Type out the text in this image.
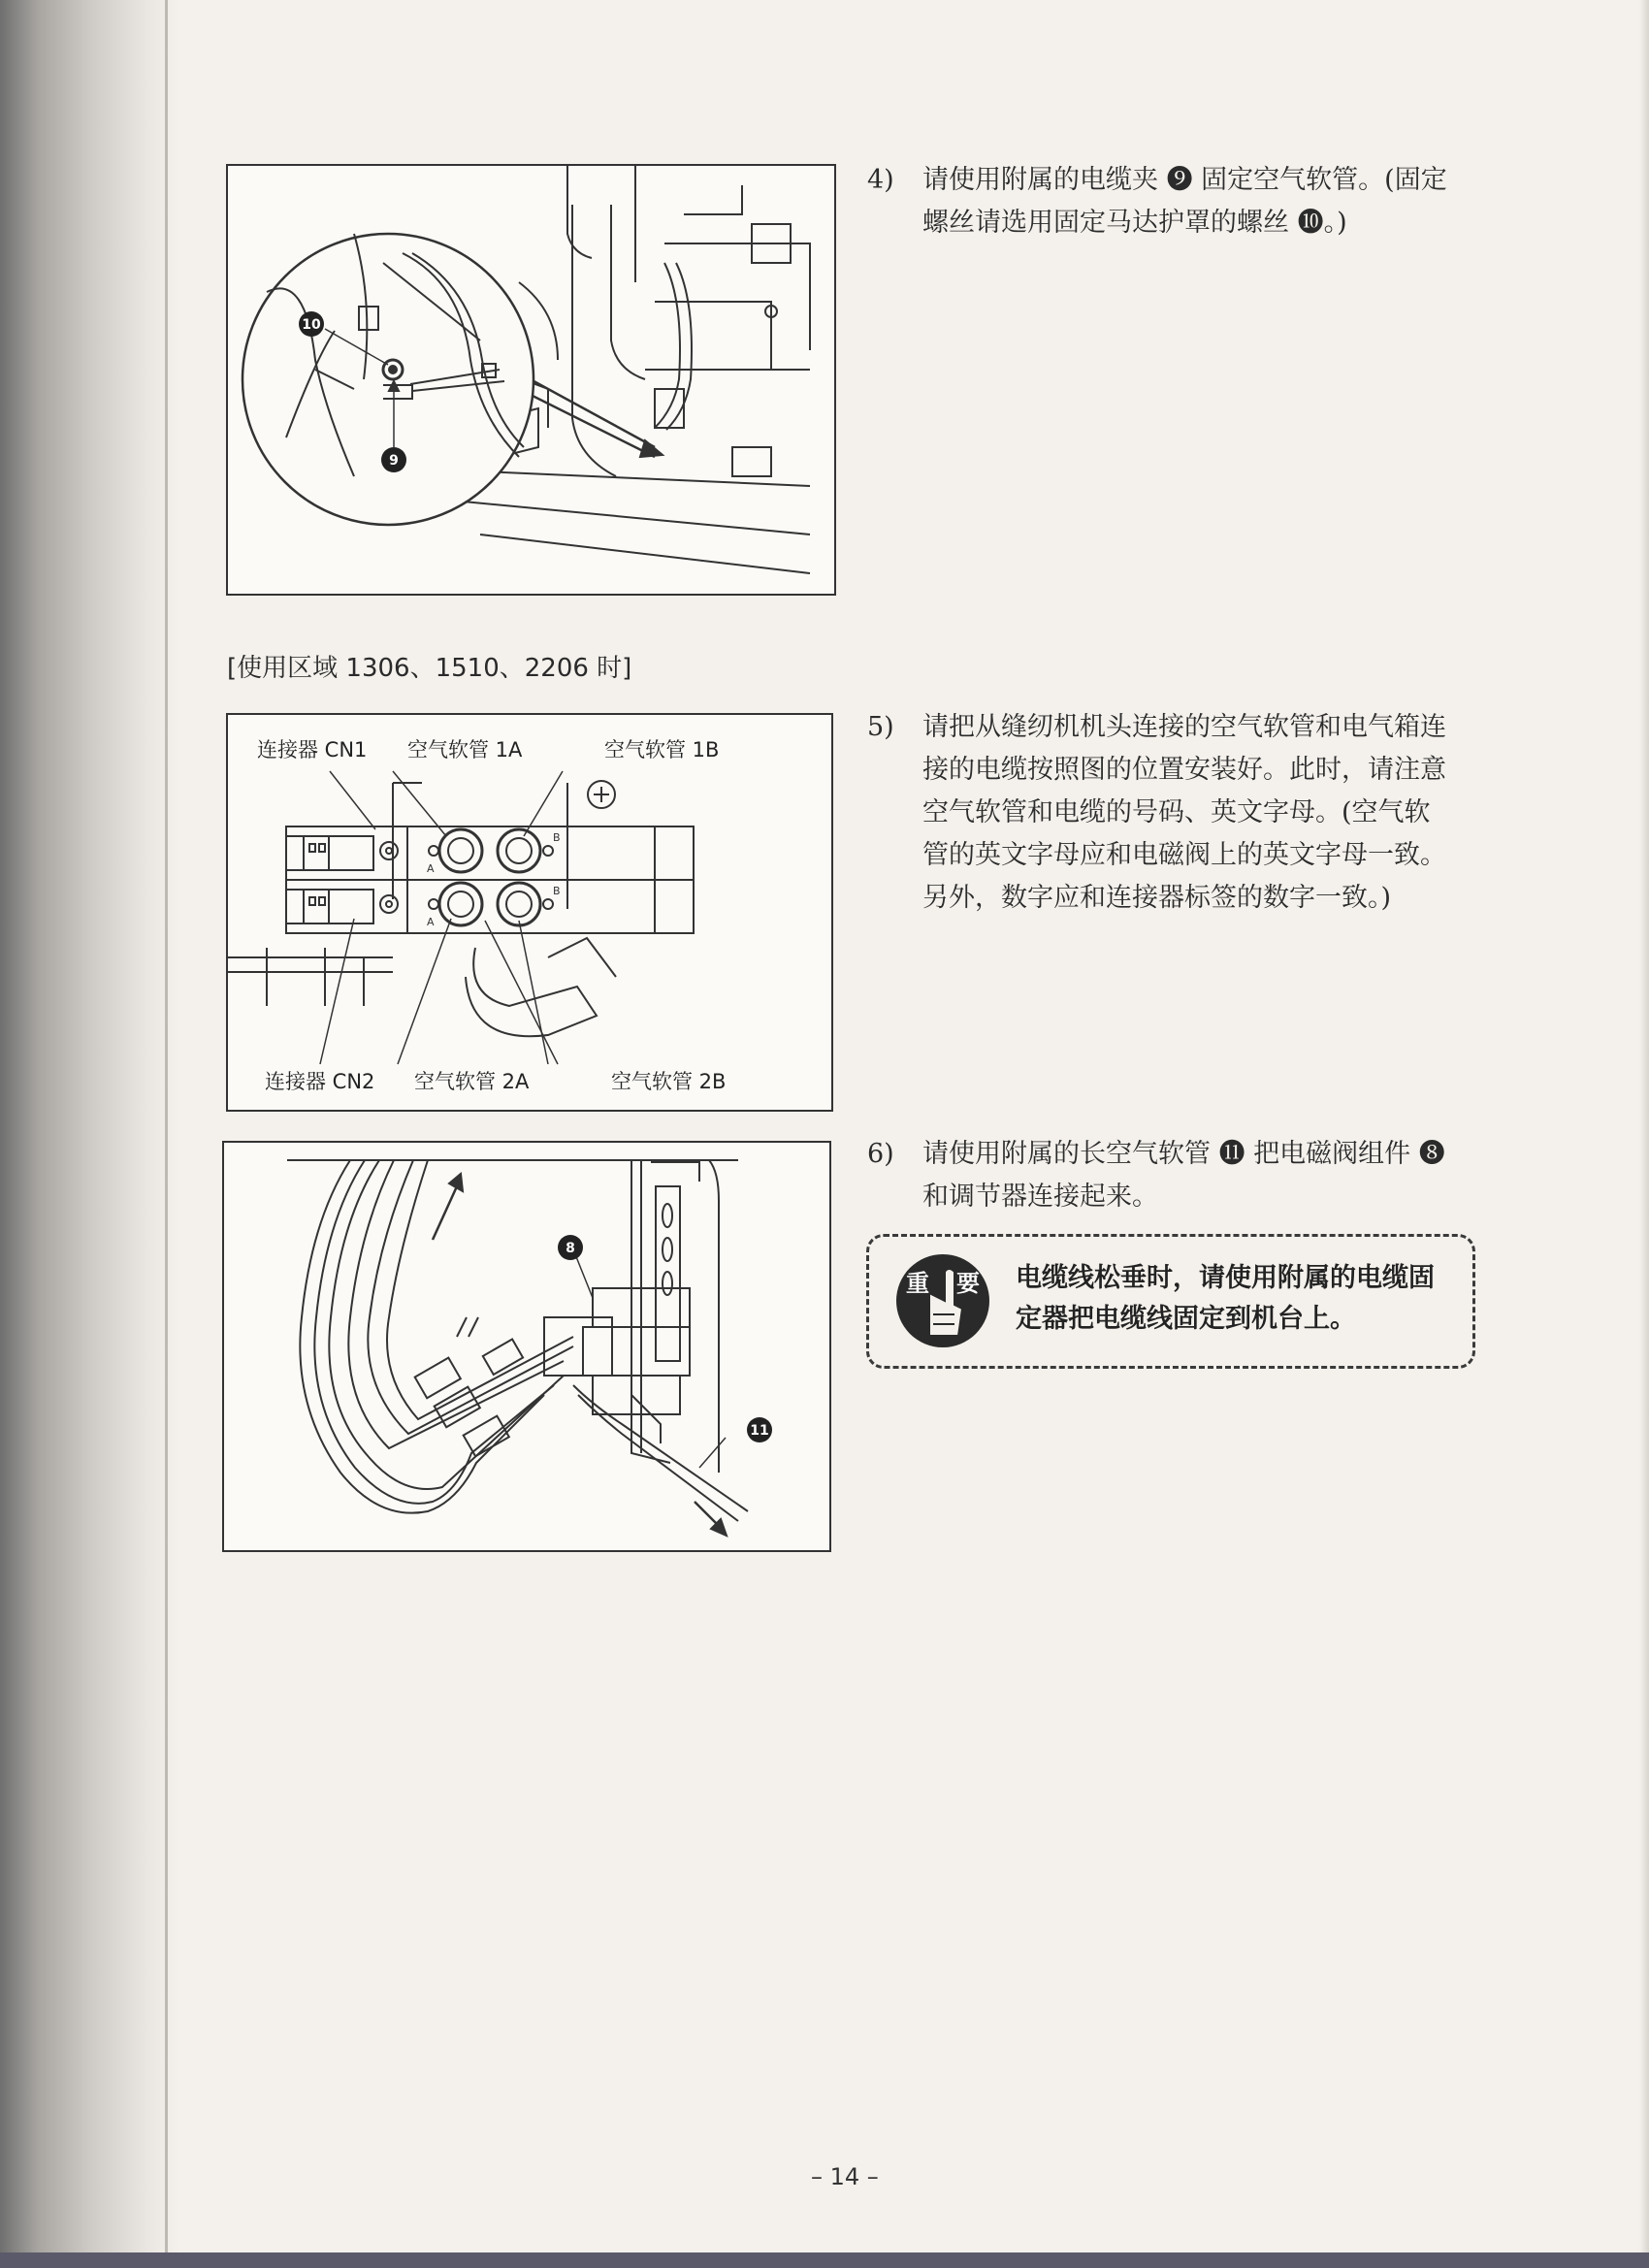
10
9
4) 请使用附属的电缆夹 ❾ 固定空气软管。(固定
螺丝请选用固定马达护罩的螺丝 ❿。)
[使用区域 1306、1510、2206 时]
A
A
B
B
连接器 CN1 空气软管 1A	空气软管 1B
连接器 CN2 空气软管 2A	空气软管 2B
5) 请把从缝纫机机头连接的空气软管和电气箱连
接的电缆按照图的位置安装好。此时，请注意
空气软管和电缆的号码、英文字母。(空气软
管的英文字母应和电磁阀上的英文字母一致。
另外，数字应和连接器标签的数字一致。)
8
11
6) 请使用附属的长空气软管 ⓫ 把电磁阀组件 ❽
和调节器连接起来。
重 要 电缆线松垂时，请使用附属的电缆固
定器把电缆线固定到机台上。
– 14 –
